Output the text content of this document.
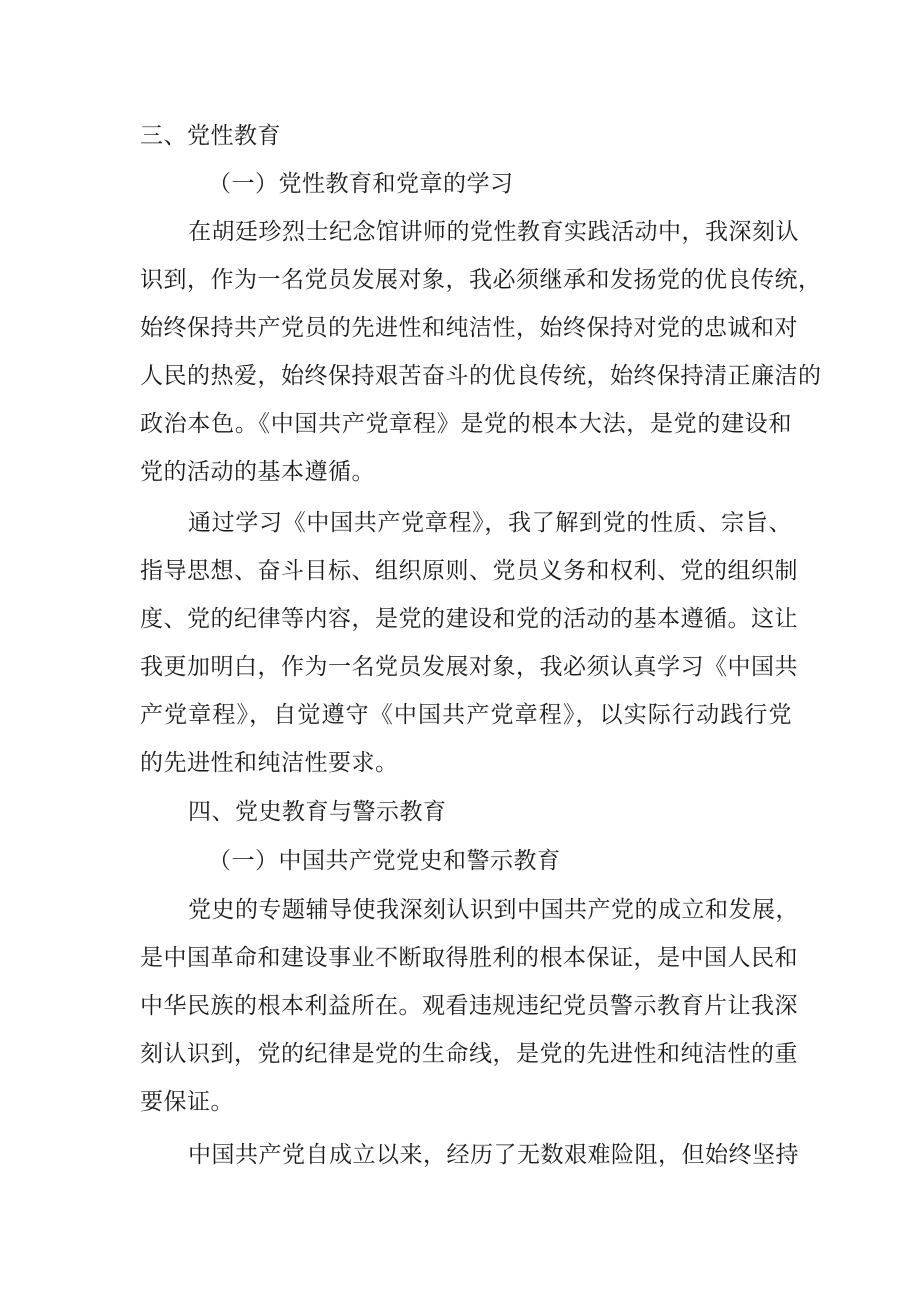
三、党性教育
（一）党性教育和党章的学习
在胡廷珍烈士纪念馆讲师的党性教育实践活动中，我深刻认
识到，作为一名党员发展对象，我必须继承和发扬党的优良传统，
始终保持共产党员的先进性和纯洁性，始终保持对党的忠诚和对
人民的热爱，始终保持艰苦奋斗的优良传统，始终保持清正廉洁的
政治本色。《中国共产党章程》是党的根本大法，是党的建设和
党的活动的基本遵循。
通过学习《中国共产党章程》，我了解到党的性质、宗旨、
指导思想、奋斗目标、组织原则、党员义务和权利、党的组织制
度、党的纪律等内容，是党的建设和党的活动的基本遵循。这让
我更加明白，作为一名党员发展对象，我必须认真学习《中国共
产党章程》，自觉遵守《中国共产党章程》，以实际行动践行党
的先进性和纯洁性要求。
四、党史教育与警示教育
（一）中国共产党党史和警示教育
党史的专题辅导使我深刻认识到中国共产党的成立和发展，
是中国革命和建设事业不断取得胜利的根本保证，是中国人民和
中华民族的根本利益所在。观看违规违纪党员警示教育片让我深
刻认识到，党的纪律是党的生命线，是党的先进性和纯洁性的重
要保证。
中国共产党自成立以来，经历了无数艰难险阻，但始终坚持
